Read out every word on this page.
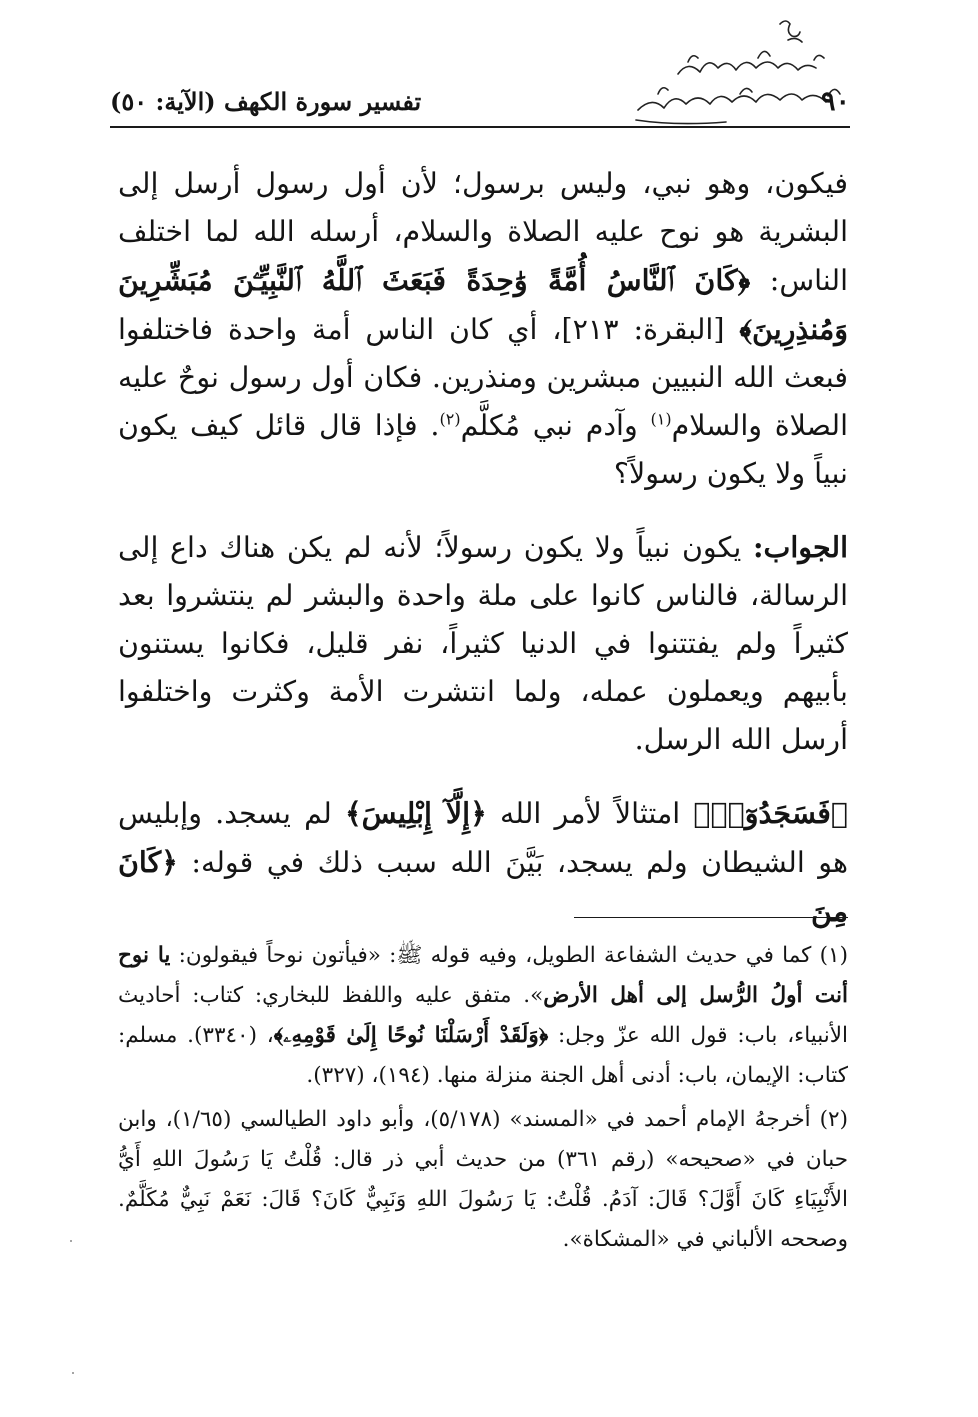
٩٠
تفسير سورة الكهف (الآية: ٥٠)

فيكون، وهو نبي، وليس برسول؛ لأن أول رسول أرسل إلى البشرية هو نوح عليه الصلاة والسلام، أرسله الله لما اختلف الناس: ﴿كَانَ ٱلنَّاسُ أُمَّةً وَٰحِدَةً فَبَعَثَ ٱللَّهُ ٱلنَّبِيِّـۧنَ مُبَشِّرِينَ وَمُنذِرِينَ﴾ [البقرة: ٢١٣]، أي كان الناس أمة واحدة فاختلفوا فبعث الله النبيين مبشرين ومنذرين. فكان أول رسول نوحٌ عليه الصلاة والسلام$^{(١)}$ وآدم نبي مُكلَّم$^{(٢)}$. فإذا قال قائل كيف يكون نبياً ولا يكون رسولاً؟

الجواب: يكون نبياً ولا يكون رسولاً؛ لأنه لم يكن هناك داع إلى الرسالة، فالناس كانوا على ملة واحدة والبشر لم ينتشروا بعد كثيراً ولم يفتتنوا في الدنيا كثيراً، نفر قليل، فكانوا يستنون بأبيهم ويعملون عمله، ولما انتشرت الأمة وكثرت واختلفوا أرسل الله الرسل.

﴿فَسَجَدُوٓا۟﴾ امتثالاً لأمر الله ﴿إِلَّآ إِبْلِيسَ﴾ لم يسجد. وإبليس هو الشيطان ولم يسجد، بَيَّنَ الله سبب ذلك في قوله: ﴿كَانَ مِنَ

(١) كما في حديث الشفاعة الطويل، وفيه قوله ﷺ: «فيأتون نوحاً فيقولون: يا نوح أنت أولُ الرُّسل إلى أهل الأرض». متفق عليه واللفظ للبخاري: كتاب: أحاديث الأنبياء، باب: قول الله عزّ وجل: ﴿وَلَقَدْ أَرْسَلْنَا نُوحًا إِلَىٰ قَوْمِهِۦ﴾، (٣٣٤٠). مسلم: كتاب: الإيمان، باب: أدنى أهل الجنة منزلة منها. (١٩٤)، (٣٢٧).

(٢) أخرجهُ الإمام أحمد في «المسند» (٥/١٧٨)، وأبو داود الطيالسي (١/٦٥)، وابن حبان في «صحيحه» (رقم ٣٦١) من حديث أبي ذر قال: قُلْتُ يَا رَسُولَ اللهِ أَيُّ الأَنْبِيَاءِ كَانَ أَوَّلَ؟ قَالَ: آدَمُ. قُلْتُ: يَا رَسُولَ اللهِ وَنَبِيٌّ كَانَ؟ قَالَ: نَعَمْ نَبِيٌّ مُكَلَّمٌ. وصححه الألباني في «المشكاة».
